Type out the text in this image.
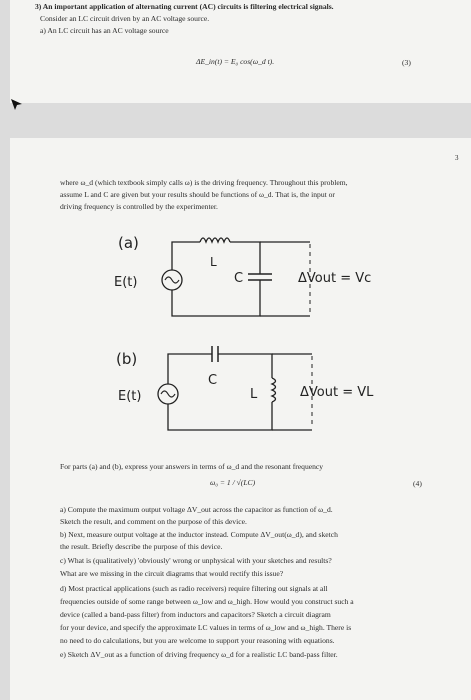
3) An important application of alternating current (AC) circuits is filtering electrical signals.
Consider an LC circuit driven by an AC voltage source.
a) An LC circuit has an AC voltage source
ΔE_in(t) = E₀ cos(ω_d t).	(3)
3
where ω_d (which textbook simply calls ω) is the driving frequency. Throughout this problem,
assume L and C are given but your results should be functions of ω_d. That is, the input or
driving frequency is controlled by the experimenter.
(a)
E(t)
L
C	ΔVout = Vc
(b)
E(t)
C
L	ΔVout = VL
For parts (a) and (b), express your answers in terms of ω_d and the resonant frequency
ω₀ = 1 / √(LC)	(4)
a) Compute the maximum output voltage ΔV_out across the capacitor as function of ω_d.
Sketch the result, and comment on the purpose of this device.
b) Next, measure output voltage at the inductor instead. Compute ΔV_out(ω_d), and sketch
the result. Briefly describe the purpose of this device.
c) What is (qualitatively) 'obviously' wrong or unphysical with your sketches and results?
What are we missing in the circuit diagrams that would rectify this issue?
d) Most practical applications (such as radio receivers) require filtering out signals at all
frequencies outside of some range between ω_low and ω_high. How would you construct such a
device (called a band-pass filter) from inductors and capacitors? Sketch a circuit diagram
for your device, and specify the approximate LC values in terms of ω_low and ω_high. There is
no need to do calculations, but you are welcome to support your reasoning with equations.
e) Sketch ΔV_out as a function of driving frequency ω_d for a realistic LC band-pass filter.
